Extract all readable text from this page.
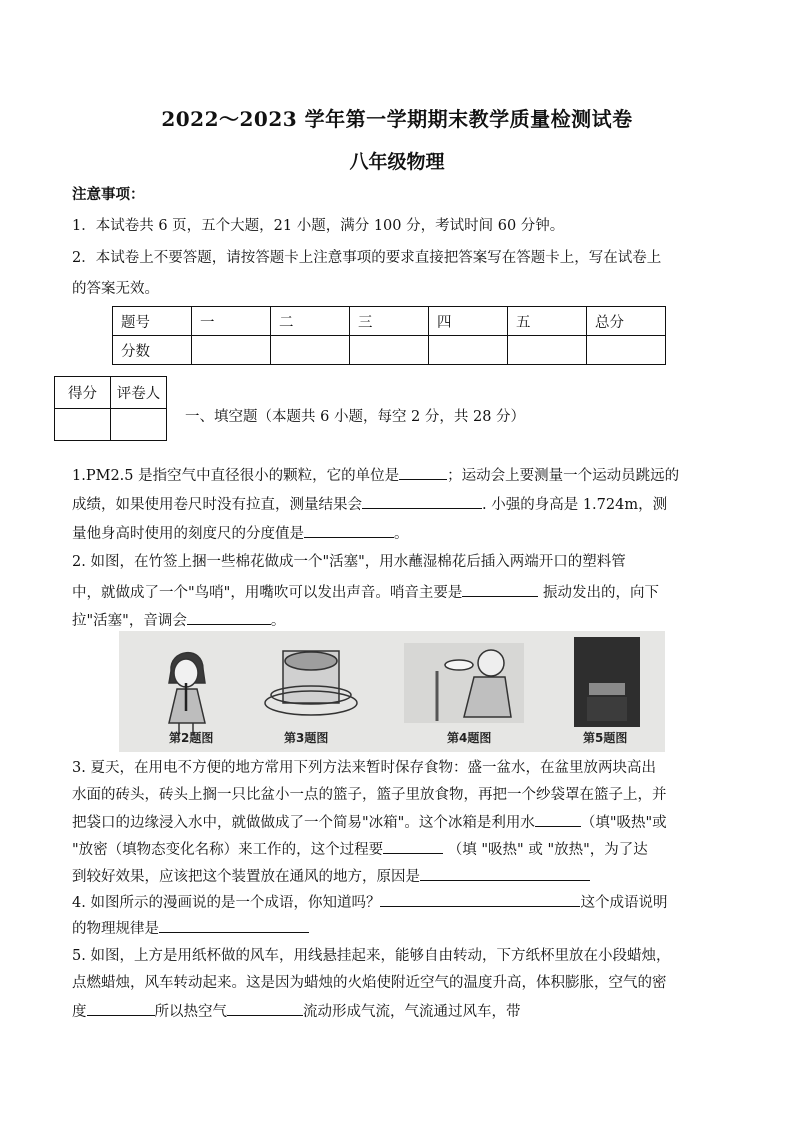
2022～2023 学年第一学期期末教学质量检测试卷
八年级物理
注意事项：
1．本试卷共 6 页，五个大题，21 小题，满分 100 分，考试时间 60 分钟。
2．本试卷上不要答题，请按答题卡上注意事项的要求直接把答案写在答题卡上，写在试卷上
的答案无效。
题号	一	二	三	四	五	总分
分数						
得分	评卷人

一、填空题（本题共 6 小题，每空 2 分，共 28 分）
1.PM2.5 是指空气中直径很小的颗粒，它的单位是	；运动会上要测量一个运动员跳远的
成绩，如果使用卷尺时没有拉直，测量结果会	. 小强的身高是 1.724m，测
量他身高时使用的刻度尺的分度值是	。
2. 如图，在竹签上捆一些棉花做成一个"活塞"，用水蘸湿棉花后插入两端开口的塑料管
中，就做成了一个"鸟哨"，用嘴吹可以发出声音。哨音主要是	振动发出的，向下
拉"活塞"，音调会	。
第2题图	第3题图	第4题图	第5题图
3. 夏天，在用电不方便的地方常用下列方法来暂时保存食物：盛一盆水，在盆里放两块高出
水面的砖头，砖头上搁一只比盆小一点的篮子，篮子里放食物，再把一个纱袋罩在篮子上，并
把袋口的边缘浸入水中，就做做成了一个简易"冰箱"。这个冰箱是利用水	（填"吸热"或
"放密（填物态变化名称）来工作的，这个过程要	（填 "吸热" 或 "放热"，为了达
到较好效果，应该把这个装置放在通风的地方，原因是
4. 如图所示的漫画说的是一个成语，你知道吗？	这个成语说明
的物理规律是
5. 如图，上方是用纸杯做的风车，用线悬挂起来，能够自由转动，下方纸杯里放在小段蜡烛，
点燃蜡烛，风车转动起来。这是因为蜡烛的火焰使附近空气的温度升高，体积膨胀，空气的密
度	所以热空气	流动形成气流，气流通过风车，带
